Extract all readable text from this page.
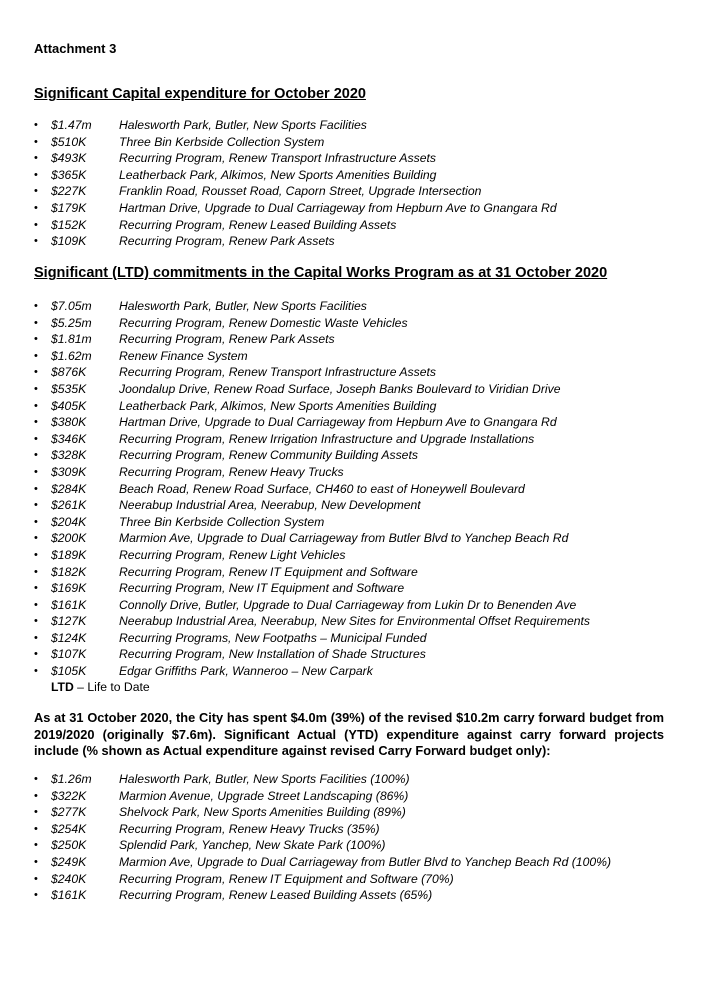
Attachment 3
Significant Capital expenditure for October 2020
• $1.47m Halesworth Park, Butler, New Sports Facilities
• $510K	Three Bin Kerbside Collection System
• $493K	Recurring Program, Renew Transport Infrastructure Assets
• $365K	Leatherback Park, Alkimos, New Sports Amenities Building
• $227K	Franklin Road, Rousset Road, Caporn Street, Upgrade Intersection
• $179K	Hartman Drive, Upgrade to Dual Carriageway from Hepburn Ave to Gnangara Rd
• $152K	Recurring Program, Renew Leased Building Assets
• $109K	Recurring Program, Renew Park Assets
Significant (LTD) commitments in the Capital Works Program as at 31 October 2020
• $7.05m Halesworth Park, Butler, New Sports Facilities
• $5.25m Recurring Program, Renew Domestic Waste Vehicles
• $1.81m Recurring Program, Renew Park Assets
• $1.62m Renew Finance System
• $876K	Recurring Program, Renew Transport Infrastructure Assets
• $535K	Joondalup Drive, Renew Road Surface, Joseph Banks Boulevard to Viridian Drive
• $405K	Leatherback Park, Alkimos, New Sports Amenities Building
• $380K	Hartman Drive, Upgrade to Dual Carriageway from Hepburn Ave to Gnangara Rd
• $346K	Recurring Program, Renew Irrigation Infrastructure and Upgrade Installations
• $328K	Recurring Program, Renew Community Building Assets
• $309K	Recurring Program, Renew Heavy Trucks
• $284K	Beach Road, Renew Road Surface, CH460 to east of Honeywell Boulevard
• $261K	Neerabup Industrial Area, Neerabup, New Development
• $204K	Three Bin Kerbside Collection System
• $200K	Marmion Ave, Upgrade to Dual Carriageway from Butler Blvd to Yanchep Beach Rd
• $189K	Recurring Program, Renew Light Vehicles
• $182K	Recurring Program, Renew IT Equipment and Software
• $169K	Recurring Program, New IT Equipment and Software
• $161K	Connolly Drive, Butler, Upgrade to Dual Carriageway from Lukin Dr to Benenden Ave
• $127K	Neerabup Industrial Area, Neerabup, New Sites for Environmental Offset Requirements
• $124K	Recurring Programs, New Footpaths – Municipal Funded
• $107K	Recurring Program, New Installation of Shade Structures
• $105K	Edgar Griffiths Park, Wanneroo – New Carpark
LTD – Life to Date
As at 31 October 2020, the City has spent $4.0m (39%) of the revised $10.2m carry forward budget from 2019/2020 (originally $7.6m). Significant Actual (YTD) expenditure against carry forward projects include (% shown as Actual expenditure against revised Carry Forward budget only):
• $1.26m Halesworth Park, Butler, New Sports Facilities (100%)
• $322K	Marmion Avenue, Upgrade Street Landscaping (86%)
• $277K	Shelvock Park, New Sports Amenities Building (89%)
• $254K	Recurring Program, Renew Heavy Trucks (35%)
• $250K	Splendid Park, Yanchep, New Skate Park (100%)
• $249K	Marmion Ave, Upgrade to Dual Carriageway from Butler Blvd to Yanchep Beach Rd (100%)
• $240K	Recurring Program, Renew IT Equipment and Software (70%)
• $161K	Recurring Program, Renew Leased Building Assets (65%)
